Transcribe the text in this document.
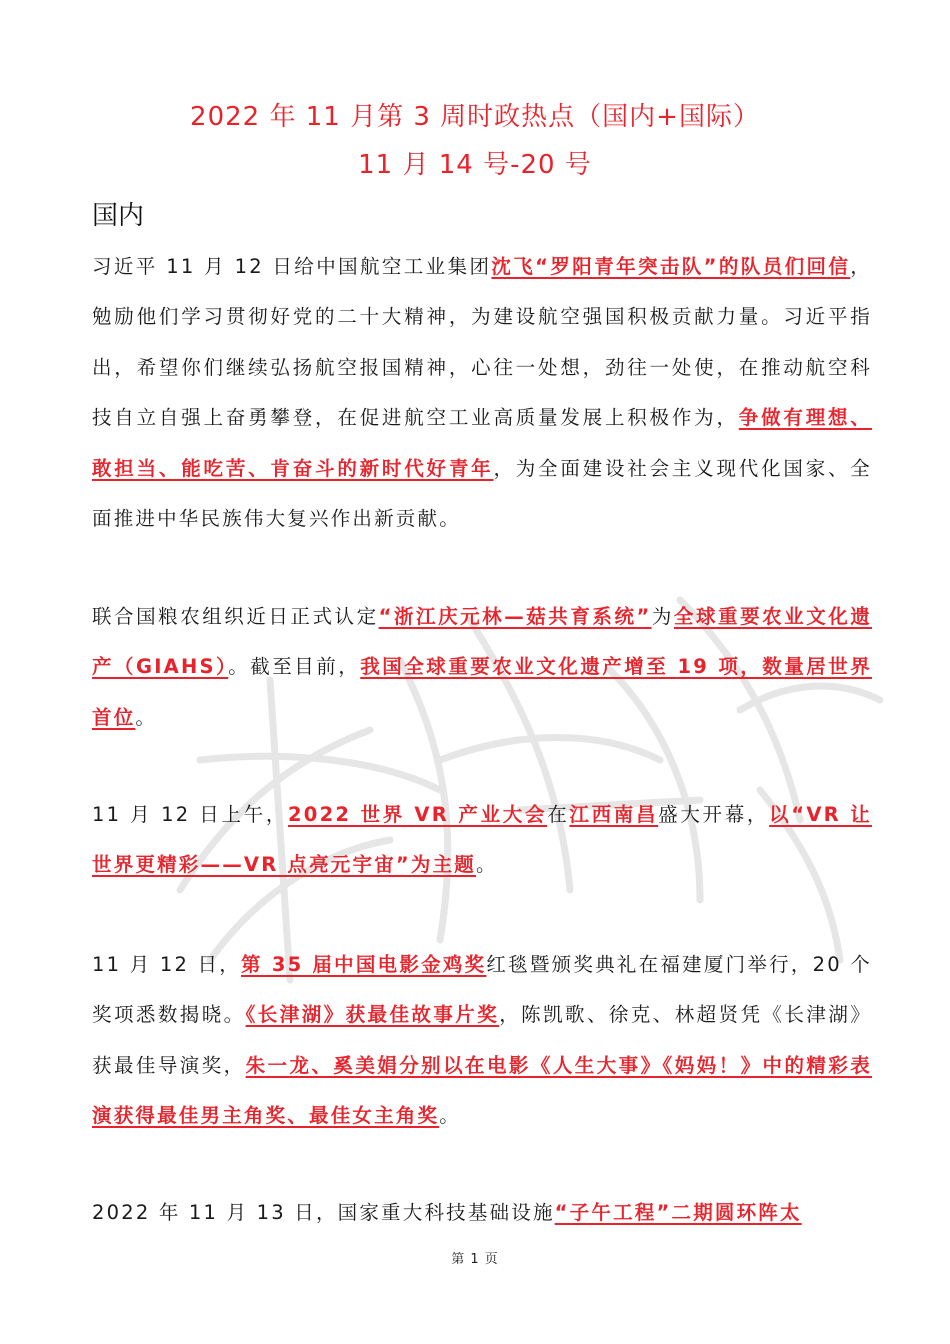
2022 年 11 月第 3 周时政热点（国内+国际）
11 月 14 号-20 号
国内
习近平 11 月 12 日给中国航空工业集团沈飞“罗阳青年突击队”的队员们回信，勉励他们学习贯彻好党的二十大精神，为建设航空强国积极贡献力量。习近平指出，希望你们继续弘扬航空报国精神，心往一处想，劲往一处使，在推动航空科技自立自强上奋勇攀登，在促进航空工业高质量发展上积极作为，争做有理想、敢担当、能吃苦、肯奋斗的新时代好青年，为全面建设社会主义现代化国家、全面推进中华民族伟大复兴作出新贡献。
联合国粮农组织近日正式认定“浙江庆元林—菇共育系统”为全球重要农业文化遗产（GIAHS）。截至目前，我国全球重要农业文化遗产增至 19 项，数量居世界首位。
11 月 12 日上午，2022 世界 VR 产业大会在江西南昌盛大开幕，以“VR 让世界更精彩——VR 点亮元宇宙”为主题。
11 月 12 日，第 35 届中国电影金鸡奖红毯暨颁奖典礼在福建厦门举行，20 个奖项悉数揭晓。《长津湖》获最佳故事片奖，陈凯歌、徐克、林超贤凭《长津湖》获最佳导演奖，朱一龙、奚美娟分别以在电影《人生大事》《妈妈！》中的精彩表演获得最佳男主角奖、最佳女主角奖。
2022 年 11 月 13 日，国家重大科技基础设施“子午工程”二期圆环阵太
第 1 页
